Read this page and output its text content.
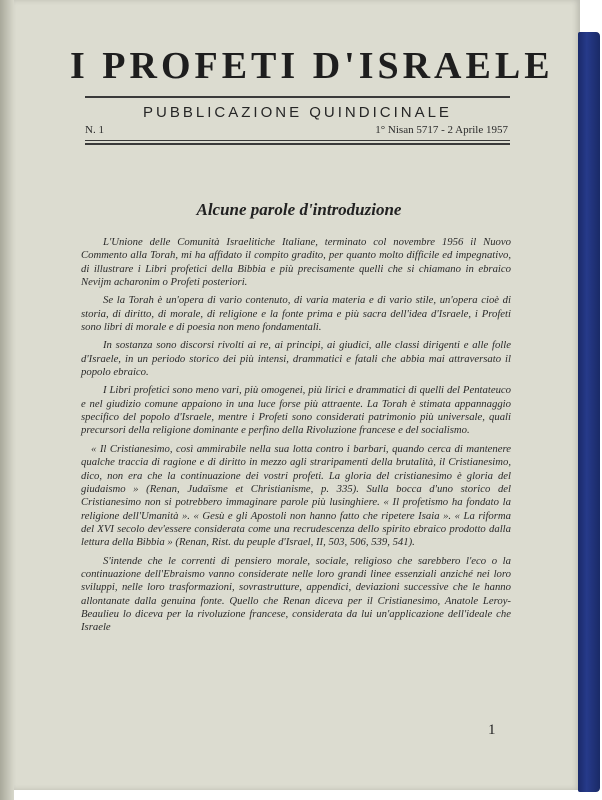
I PROFETI D'ISRAELE
PUBBLICAZIONE QUINDICINALE
N. 1	1° Nisan 5717 - 2 Aprile 1957
Alcune parole d'introduzione

L'Unione delle Comunità Israelitiche Italiane, terminato col novembre 1956 il Nuovo Commento alla Torah, mi ha affidato il compito gradito, per quanto molto difficile ed impegnativo, di illustrare i Libri profetici della Bibbia e più precisamente quelli che si chiamano in ebraico Nevijm acharonim o Profeti posteriori.

Se la Torah è un'opera di vario contenuto, di varia materia e di vario stile, un'opera cioè di storia, di diritto, di morale, di religione e la fonte prima e più sacra dell'idea d'Israele, i Profeti sono libri di morale e di poesia non meno fondamentali.

In sostanza sono discorsi rivolti ai re, ai principi, ai giudici, alle classi dirigenti e alle folle d'Israele, in un periodo storico dei più intensi, drammatici e fatali che abbia mai attraversato il popolo ebraico.

I Libri profetici sono meno vari, più omogenei, più lirici e drammatici di quelli del Pentateuco e nel giudizio comune appaiono in una luce forse più attraente. La Torah è stimata appannaggio specifico del popolo d'Israele, mentre i Profeti sono considerati patrimonio più universale, quali precursori della religione dominante e perfino della Rivoluzione francese e del socialismo.

« Il Cristianesimo, così ammirabile nella sua lotta contro i barbari, quando cerca di mantenere qualche traccia di ragione e di diritto in mezzo agli straripamenti della brutalità, il Cristianesimo, dico, non era che la continuazione dei vostri profeti. La gloria del cristianesimo è gloria del giudaismo » (Renan, Judaïsme et Christianisme, p. 335). Sulla bocca d'uno storico del Cristianesimo non si potrebbero immaginare parole più lusinghiere. « Il profetismo ha fondato la religione dell'Umanità ». « Gesù e gli Apostoli non hanno fatto che ripetere Isaia ». « La riforma del XVI secolo dev'essere considerata come una recrudescenza dello spirito ebraico prodotto dalla lettura della Bibbia » (Renan, Rist. du peuple d'Israel, II, 503, 506, 539, 541).

S'intende che le correnti di pensiero morale, sociale, religioso che sarebbero l'eco o la continuazione dell'Ebraismo vanno considerate nelle loro grandi linee essenziali anziché nei loro sviluppi, nelle loro trasformazioni, sovrastrutture, appendici, deviazioni successive che le hanno allontanate dalla genuina fonte. Quello che Renan diceva per il Cristianesimo, Anatole Leroy-Beaulieu lo diceva per la rivoluzione francese, considerata da lui un'applicazione dell'ideale che Israele

1
